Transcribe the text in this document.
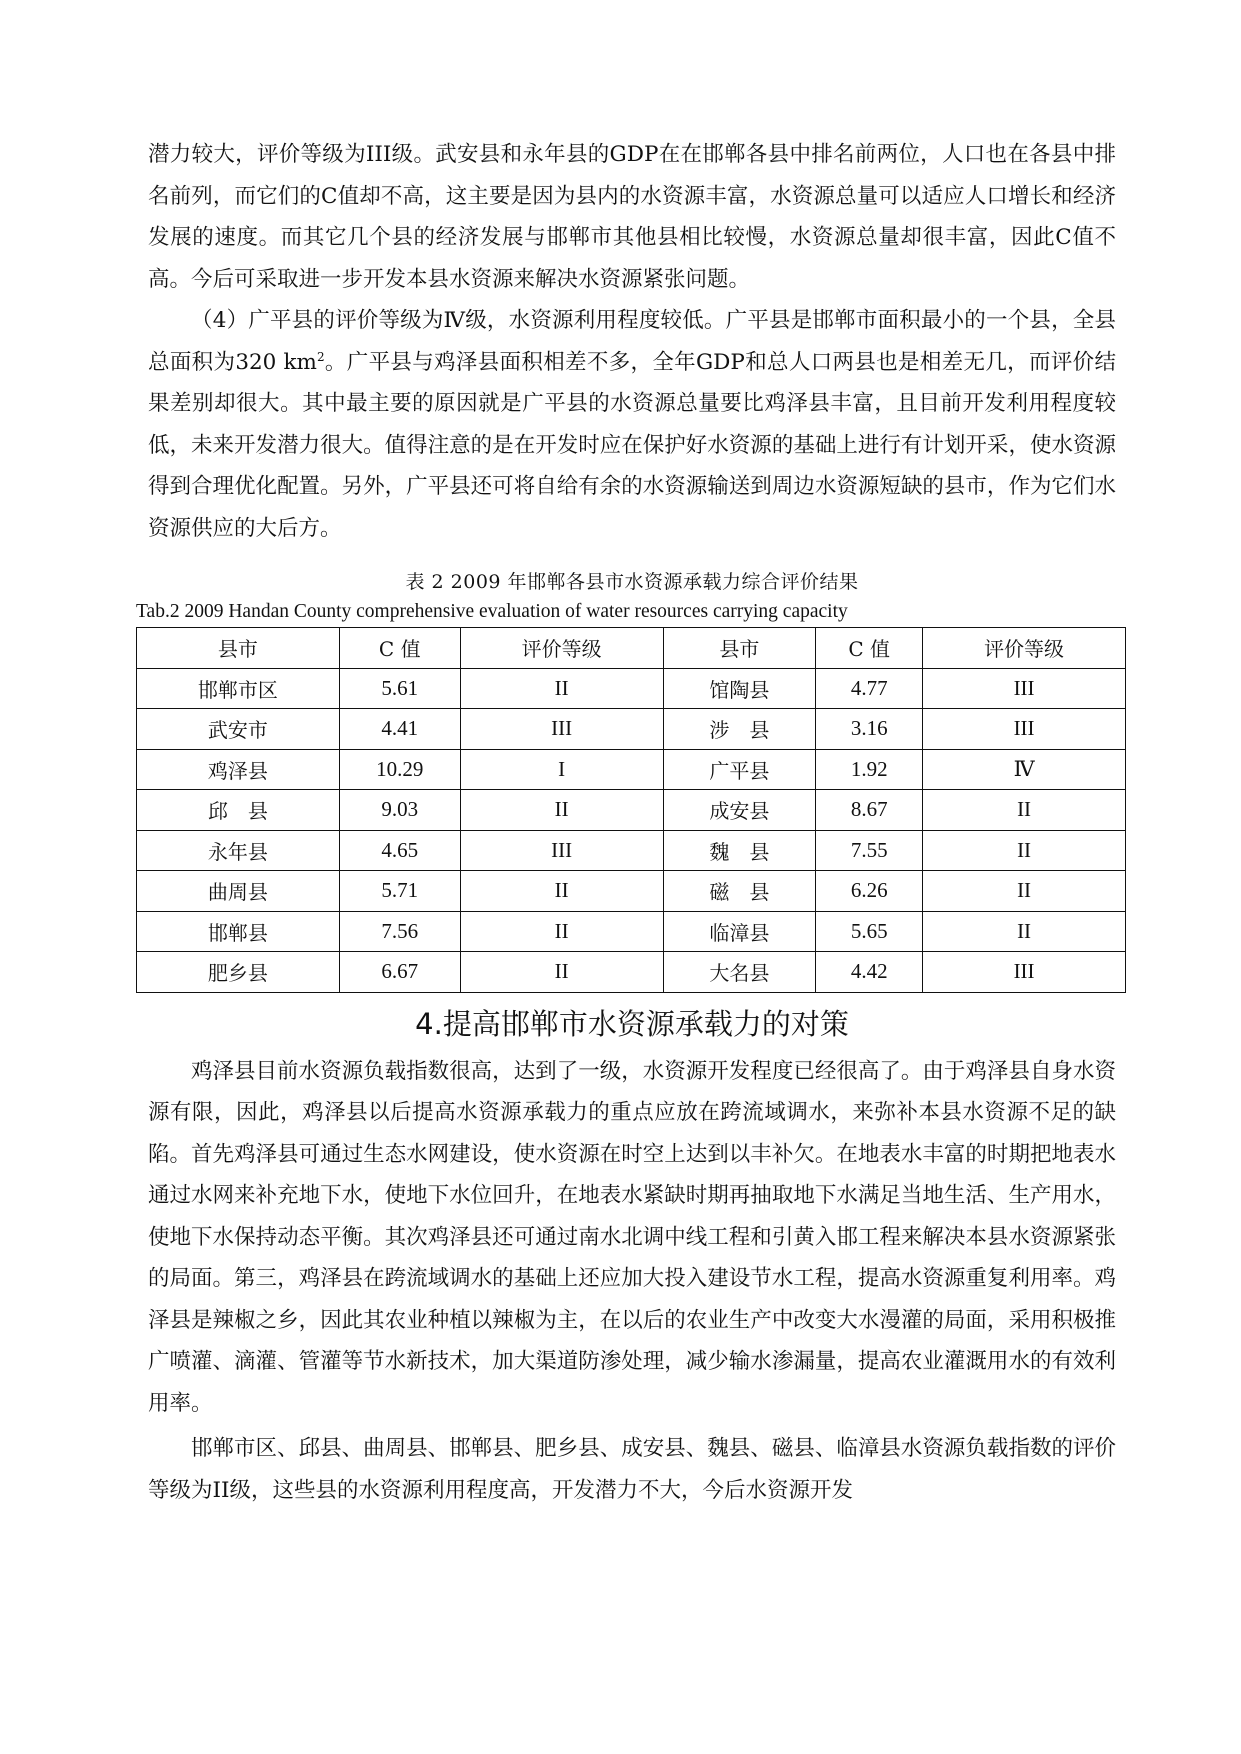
潜力较大，评价等级为III级。武安县和永年县的GDP在在邯郸各县中排名前两位，人口也在各县中排名前列，而它们的C值却不高，这主要是因为县内的水资源丰富，水资源总量可以适应人口增长和经济发展的速度。而其它几个县的经济发展与邯郸市其他县相比较慢，水资源总量却很丰富，因此C值不高。今后可采取进一步开发本县水资源来解决水资源紧张问题。

（4）广平县的评价等级为Ⅳ级，水资源利用程度较低。广平县是邯郸市面积最小的一个县，全县总面积为320 $km^2$。广平县与鸡泽县面积相差不多，全年GDP和总人口两县也是相差无几，而评价结果差别却很大。其中最主要的原因就是广平县的水资源总量要比鸡泽县丰富，且目前开发利用程度较低，未来开发潜力很大。值得注意的是在开发时应在保护好水资源的基础上进行有计划开采，使水资源得到合理优化配置。另外，广平县还可将自给有余的水资源输送到周边水资源短缺的县市，作为它们水资源供应的大后方。

表 2 2009 年邯郸各县市水资源承载力综合评价结果
Tab.2 2009 Handan County comprehensive evaluation of water resources carrying capacity
县市	C 值	评价等级	县市	C 值	评价等级
邯郸市区	5.61	II	馆陶县	4.77	III
武安市	4.41	III	涉　县	3.16	III
鸡泽县	10.29	I	广平县	1.92	Ⅳ
邱　县	9.03	II	成安县	8.67	II
永年县	4.65	III	魏　县	7.55	II
曲周县	5.71	II	磁　县	6.26	II
邯郸县	7.56	II	临漳县	5.65	II
肥乡县	6.67	II	大名县	4.42	III
4.提高邯郸市水资源承载力的对策

鸡泽县目前水资源负载指数很高，达到了一级，水资源开发程度已经很高了。由于鸡泽县自身水资源有限，因此，鸡泽县以后提高水资源承载力的重点应放在跨流域调水，来弥补本县水资源不足的缺陷。首先鸡泽县可通过生态水网建设，使水资源在时空上达到以丰补欠。在地表水丰富的时期把地表水通过水网来补充地下水，使地下水位回升，在地表水紧缺时期再抽取地下水满足当地生活、生产用水，使地下水保持动态平衡。其次鸡泽县还可通过南水北调中线工程和引黄入邯工程来解决本县水资源紧张的局面。第三，鸡泽县在跨流域调水的基础上还应加大投入建设节水工程，提高水资源重复利用率。鸡泽县是辣椒之乡，因此其农业种植以辣椒为主，在以后的农业生产中改变大水漫灌的局面，采用积极推广喷灌、滴灌、管灌等节水新技术，加大渠道防渗处理，减少输水渗漏量，提高农业灌溉用水的有效利用率。

邯郸市区、邱县、曲周县、邯郸县、肥乡县、成安县、魏县、磁县、临漳县水资源负载指数的评价等级为II级，这些县的水资源利用程度高，开发潜力不大，今后水资源开发
